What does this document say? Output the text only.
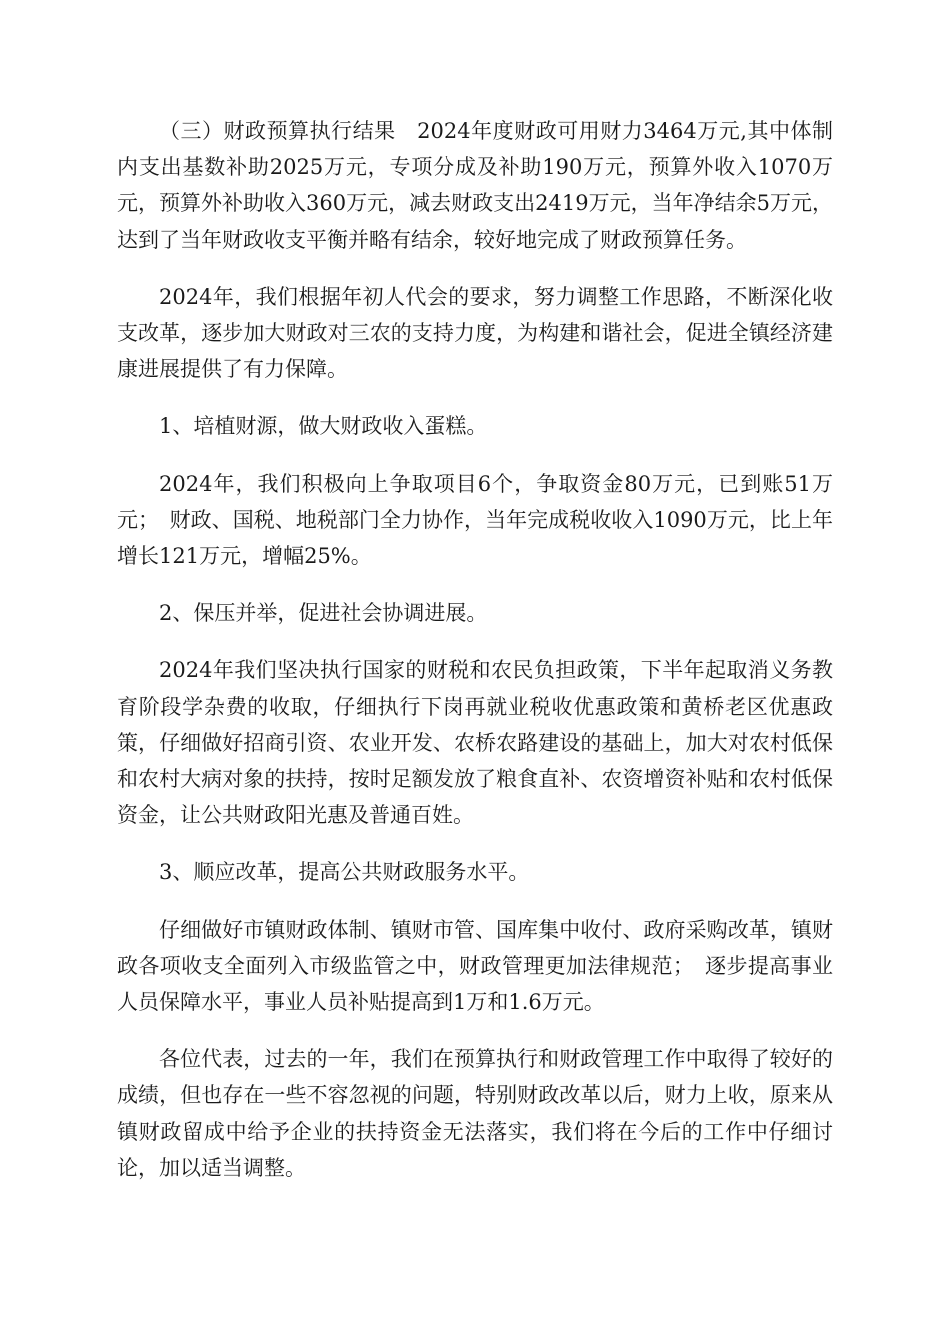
（三）财政预算执行结果　2024年度财政可用财力3464万元,其中体制内支出基数补助2025万元，专项分成及补助190万元，预算外收入1070万元，预算外补助收入360万元，减去财政支出2419万元，当年净结余5万元，达到了当年财政收支平衡并略有结余，较好地完成了财政预算任务。

2024年，我们根据年初人代会的要求，努力调整工作思路，不断深化收支改革，逐步加大财政对三农的支持力度，为构建和谐社会，促进全镇经济建康进展提供了有力保障。

1、培植财源，做大财政收入蛋糕。

2024年，我们积极向上争取项目6个，争取资金80万元，已到账51万元；　财政、国税、地税部门全力协作，当年完成税收收入1090万元，比上年增长121万元，增幅25%。

2、保压并举，促进社会协调进展。

2024年我们坚决执行国家的财税和农民负担政策，下半年起取消义务教育阶段学杂费的收取，仔细执行下岗再就业税收优惠政策和黄桥老区优惠政策，仔细做好招商引资、农业开发、农桥农路建设的基础上，加大对农村低保和农村大病对象的扶持，按时足额发放了粮食直补、农资增资补贴和农村低保资金，让公共财政阳光惠及普通百姓。

3、顺应改革，提高公共财政服务水平。

仔细做好市镇财政体制、镇财市管、国库集中收付、政府采购改革，镇财政各项收支全面列入市级监管之中，财政管理更加法律规范；　逐步提高事业人员保障水平，事业人员补贴提高到1万和1.6万元。

各位代表，过去的一年，我们在预算执行和财政管理工作中取得了较好的成绩，但也存在一些不容忽视的问题，特别财政改革以后，财力上收，原来从镇财政留成中给予企业的扶持资金无法落实，我们将在今后的工作中仔细讨论，加以适当调整。
